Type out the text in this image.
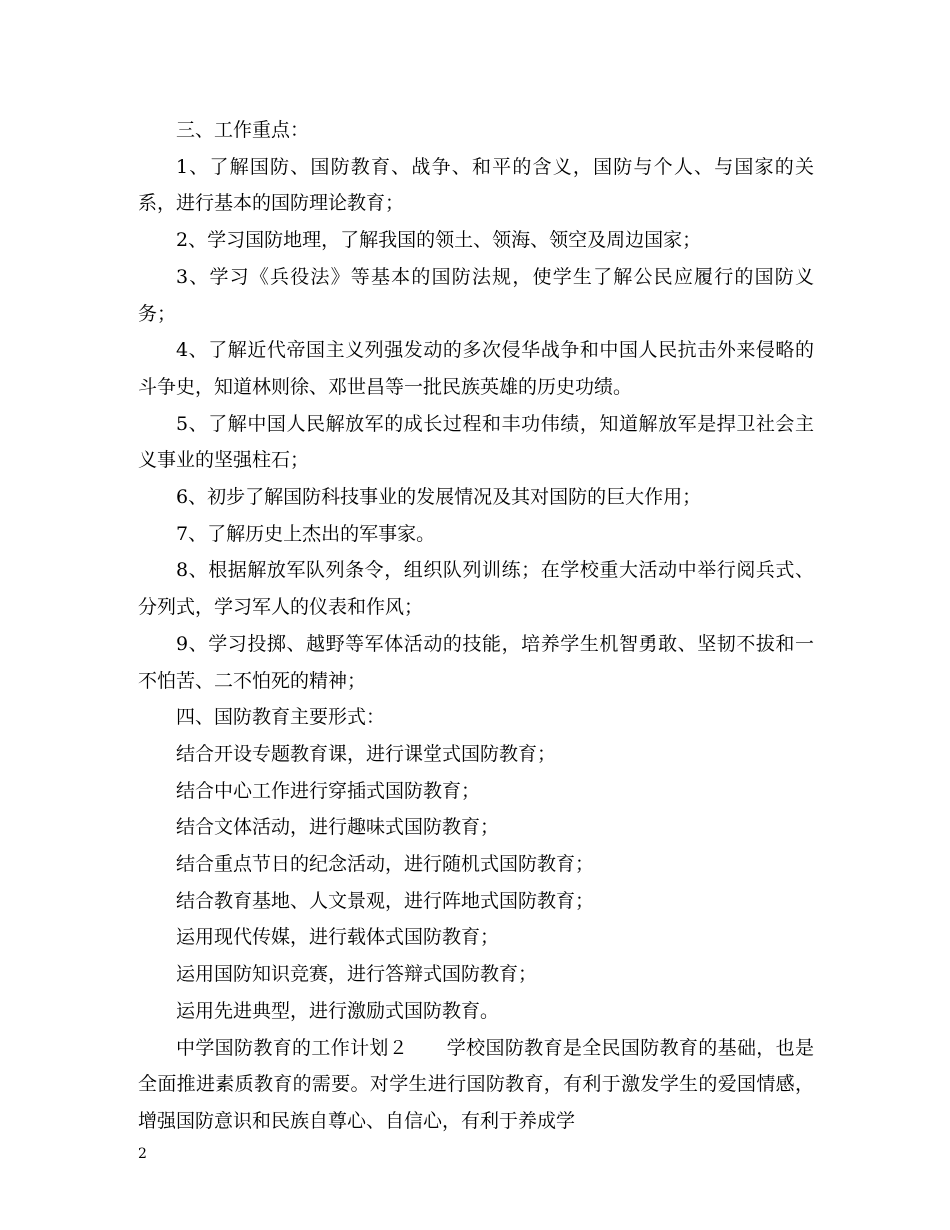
三、工作重点：

1、了解国防、国防教育、战争、和平的含义，国防与个人、与国家的关系，进行基本的国防理论教育；

2、学习国防地理，了解我国的领土、领海、领空及周边国家；

3、学习《兵役法》等基本的国防法规，使学生了解公民应履行的国防义务；

4、了解近代帝国主义列强发动的多次侵华战争和中国人民抗击外来侵略的斗争史，知道林则徐、邓世昌等一批民族英雄的历史功绩。

5、了解中国人民解放军的成长过程和丰功伟绩，知道解放军是捍卫社会主义事业的坚强柱石；

6、初步了解国防科技事业的发展情况及其对国防的巨大作用；

7、了解历史上杰出的军事家。

8、根据解放军队列条令，组织队列训练；在学校重大活动中举行阅兵式、分列式，学习军人的仪表和作风；

9、学习投掷、越野等军体活动的技能，培养学生机智勇敢、坚韧不拔和一不怕苦、二不怕死的精神；

四、国防教育主要形式：

结合开设专题教育课，进行课堂式国防教育；

结合中心工作进行穿插式国防教育；

结合文体活动，进行趣味式国防教育；

结合重点节日的纪念活动，进行随机式国防教育；

结合教育基地、人文景观，进行阵地式国防教育；

运用现代传媒，进行载体式国防教育；

运用国防知识竞赛，进行答辩式国防教育；

运用先进典型，进行激励式国防教育。

中学国防教育的工作计划２　　学校国防教育是全民国防教育的基础，也是全面推进素质教育的需要。对学生进行国防教育，有利于激发学生的爱国情感，增强国防意识和民族自尊心、自信心，有利于养成学

2
